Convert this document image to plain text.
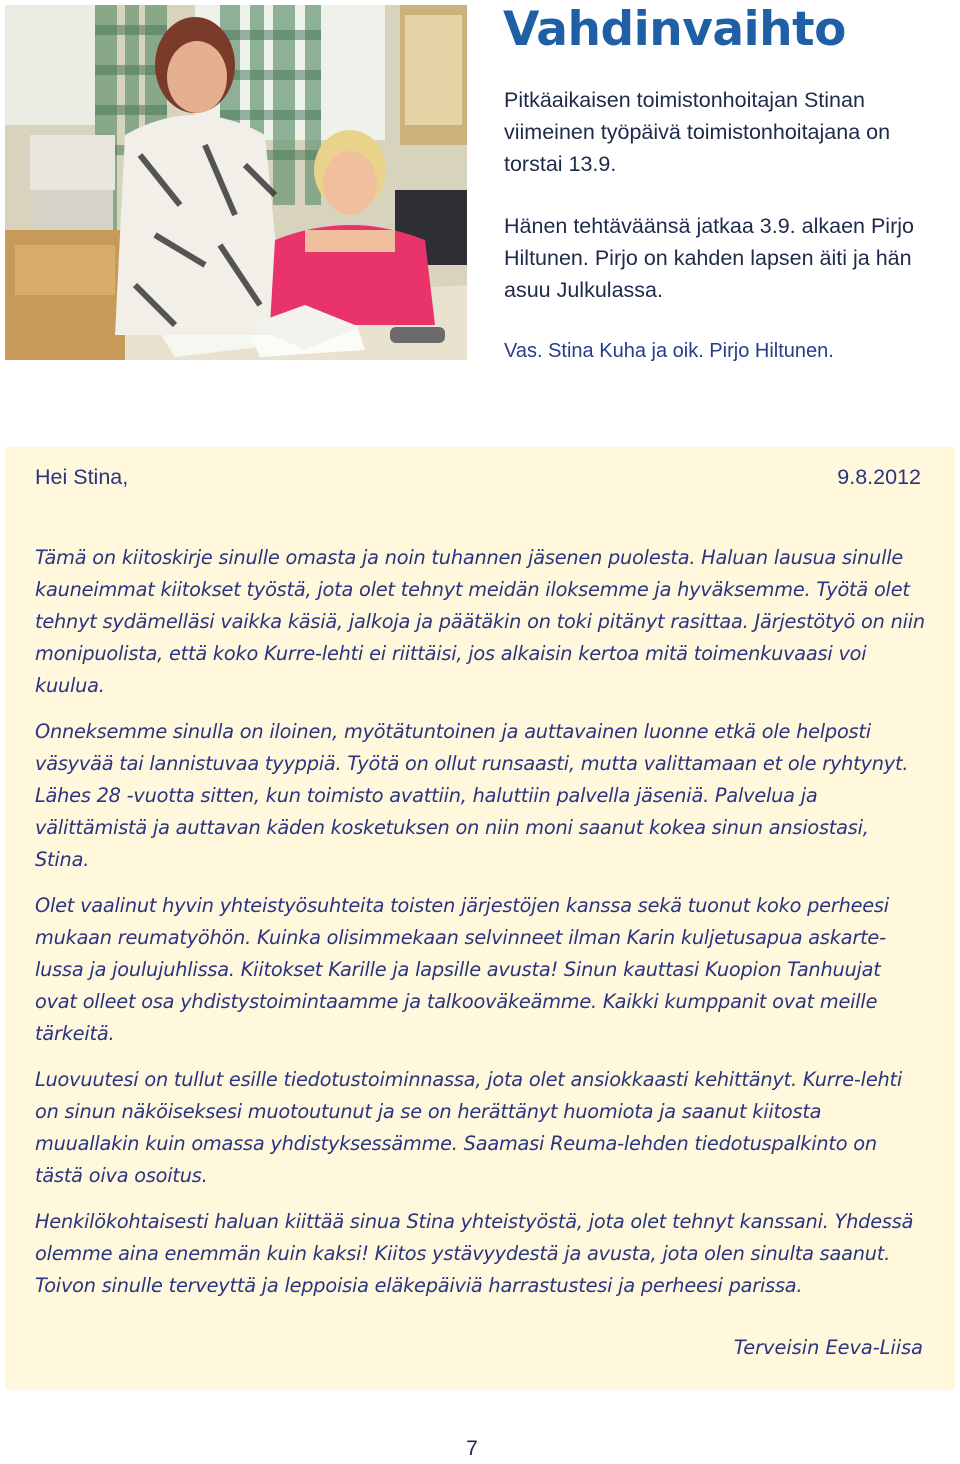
Vahdinvaihto

Pitkäaikaisen toimistonhoitajan Stinan viimeinen työpäivä toimistonhoitajana on torstai 13.9.

Hänen tehtäväänsä jatkaa 3.9. alkaen Pirjo Hiltunen. Pirjo on kahden lapsen äiti ja hän asuu Julkulassa.

Vas. Stina Kuha ja oik. Pirjo Hiltunen.
Hei Stina,	9.8.2012

Tämä on kiitoskirje sinulle omasta ja noin tuhannen jäsenen puolesta. Haluan lausua sinulle kauneimmat kiitokset työstä, jota olet tehnyt meidän iloksemme ja hyväksemme. Työtä olet tehnyt sydämelläsi vaikka käsiä, jalkoja ja päätäkin on toki pitänyt rasittaa. Järjestötyö on niin monipuolista, että koko Kurre-lehti ei riittäisi, jos alkaisin kertoa mitä toimenkuvaasi voi kuulua.

Onneksemme sinulla on iloinen, myötätuntoinen ja auttavainen luonne etkä ole helposti väsyvää tai lannistuvaa tyyppiä. Työtä on ollut runsaasti, mutta valittamaan et ole ryhtynyt. Lähes 28 -vuotta sitten, kun toimisto avattiin, haluttiin palvella jäseniä. Palvelua ja välittämistä ja auttavan käden kosketuksen on niin moni saanut kokea sinun ansiostasi, Stina.

Olet vaalinut hyvin yhteistyösuhteita toisten järjestöjen kanssa sekä tuonut koko perheesi mukaan reumatyöhön. Kuinka olisimmekaan selvinneet ilman Karin kuljetusapua askarte-lussa ja joulujuhlissa. Kiitokset Karille ja lapsille avusta! Sinun kauttasi Kuopion Tanhuujat ovat olleet osa yhdistystoimintaamme ja talkooväkeämme. Kaikki kumppanit ovat meille tärkeitä.

Luovuutesi on tullut esille tiedotustoiminnassa, jota olet ansiokkaasti kehittänyt. Kurre-lehti on sinun näköiseksesi muotoutunut ja se on herättänyt huomiota ja saanut kiitosta muuallakin kuin omassa yhdistyksessämme. Saamasi Reuma-lehden tiedotuspalkinto on tästä oiva osoitus.

Henkilökohtaisesti haluan kiittää sinua Stina yhteistyöstä, jota olet tehnyt kanssani. Yhdessä olemme aina enemmän kuin kaksi! Kiitos ystävyydestä ja avusta, jota olen sinulta saanut. Toivon sinulle terveyttä ja leppoisia eläkepäiviä harrastustesi ja perheesi parissa.

Terveisin Eeva-Liisa
7
